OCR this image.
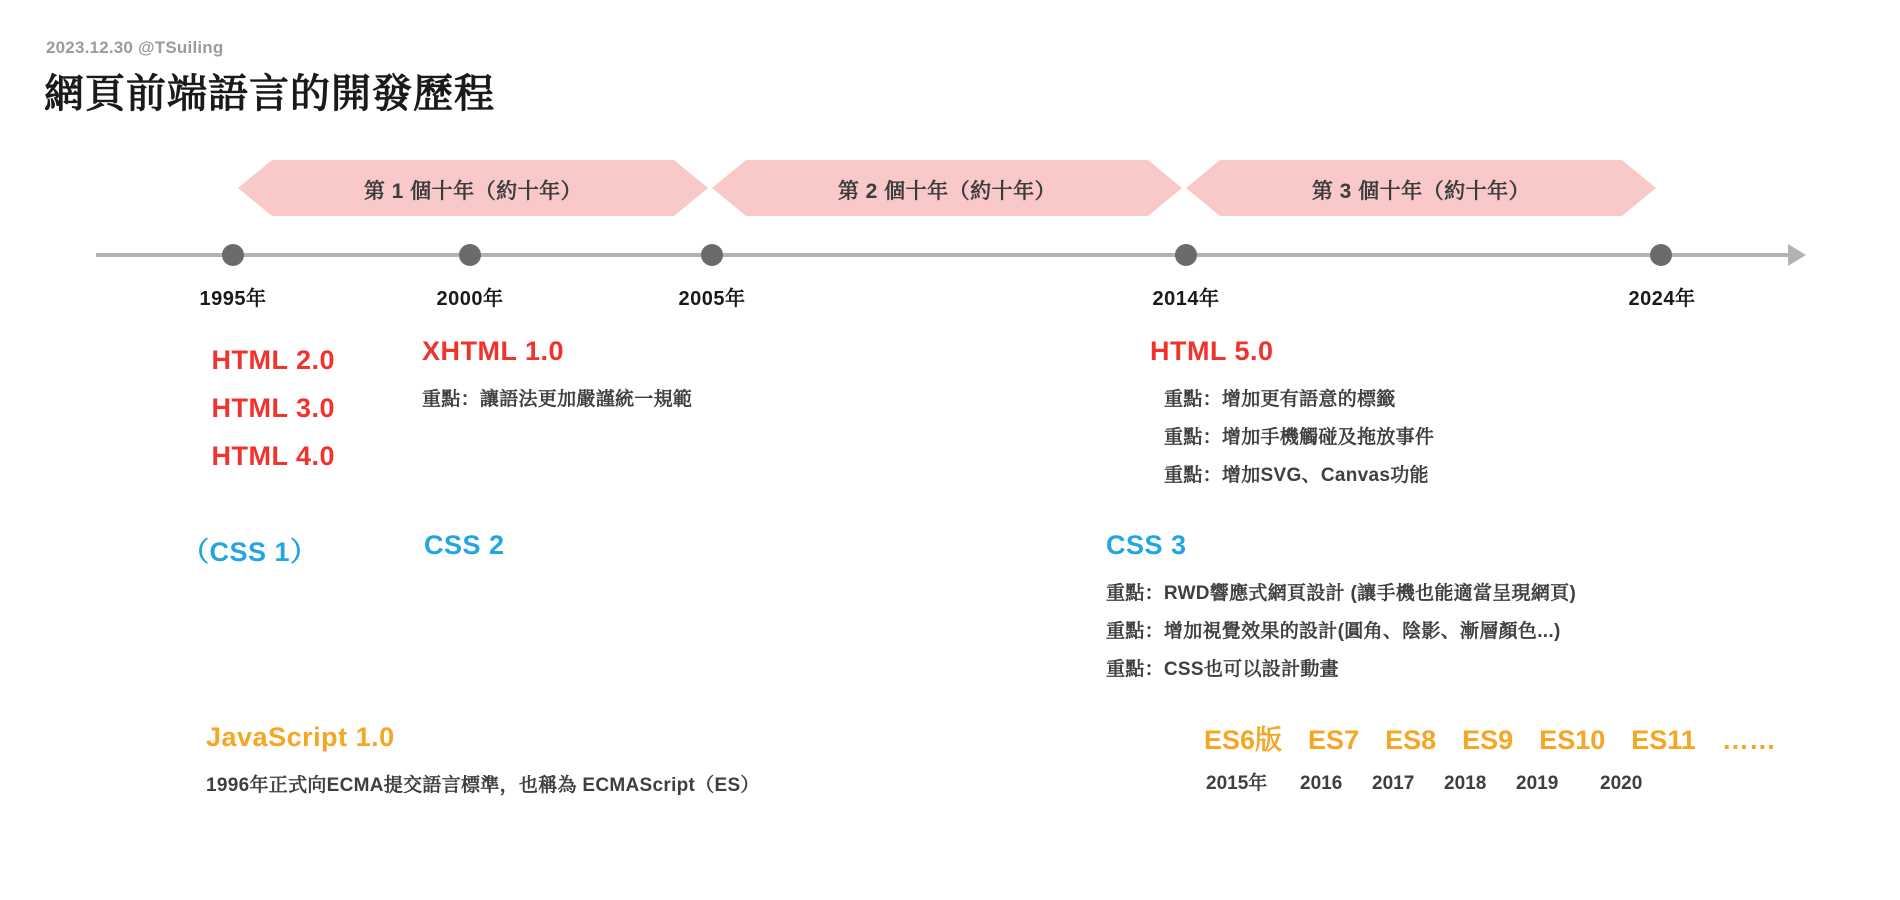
2023.12.30 @TSuiling
網頁前端語言的開發歷程
第 1 個十年（約十年）	第 2 個十年（約十年）	第 3 個十年（約十年）
1995年	2000年	2005年	2014年	2024年
HTML 2.0
HTML 3.0
HTML 4.0
XHTML 1.0
重點：讓語法更加嚴謹統一規範
HTML 5.0
重點：增加更有語意的標籤
重點：增加手機觸碰及拖放事件
重點：增加SVG、Canvas功能
（CSS 1）	CSS 2	CSS 3
重點：RWD響應式網頁設計 (讓手機也能適當呈現網頁)
重點：增加視覺效果的設計(圓角、陰影、漸層顏色...)
重點：CSS也可以設計動畫
JavaScript 1.0
1996年正式向ECMA提交語言標準，也稱為 ECMAScript（ES）
ES6版 ES7 ES8 ES9 ES10 ES11 ……
2015年 2016 2017 2018 2019	2020
